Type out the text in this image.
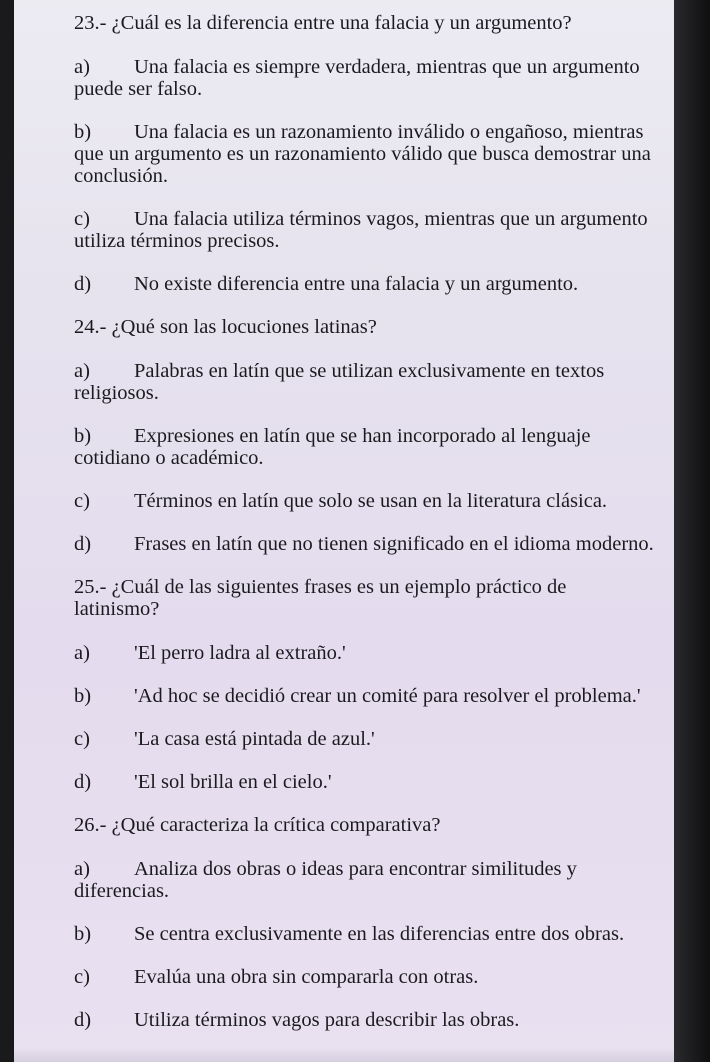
23.- ¿Cuál es la diferencia entre una falacia y un argumento?
a) Una falacia es siempre verdadera, mientras que un argumento puede ser falso.
b) Una falacia es un razonamiento inválido o engañoso, mientras que un argumento es un razonamiento válido que busca demostrar una conclusión.
c) Una falacia utiliza términos vagos, mientras que un argumento utiliza términos precisos.
d) No existe diferencia entre una falacia y un argumento.
24.- ¿Qué son las locuciones latinas?
a) Palabras en latín que se utilizan exclusivamente en textos religiosos.
b) Expresiones en latín que se han incorporado al lenguaje cotidiano o académico.
c) Términos en latín que solo se usan en la literatura clásica.
d) Frases en latín que no tienen significado en el idioma moderno.
25.- ¿Cuál de las siguientes frases es un ejemplo práctico de latinismo?
a) 'El perro ladra al extraño.'
b) 'Ad hoc se decidió crear un comité para resolver el problema.'
c) 'La casa está pintada de azul.'
d) 'El sol brilla en el cielo.'
26.- ¿Qué caracteriza la crítica comparativa?
a) Analiza dos obras o ideas para encontrar similitudes y diferencias.
b) Se centra exclusivamente en las diferencias entre dos obras.
c) Evalúa una obra sin compararla con otras.
d) Utiliza términos vagos para describir las obras.
